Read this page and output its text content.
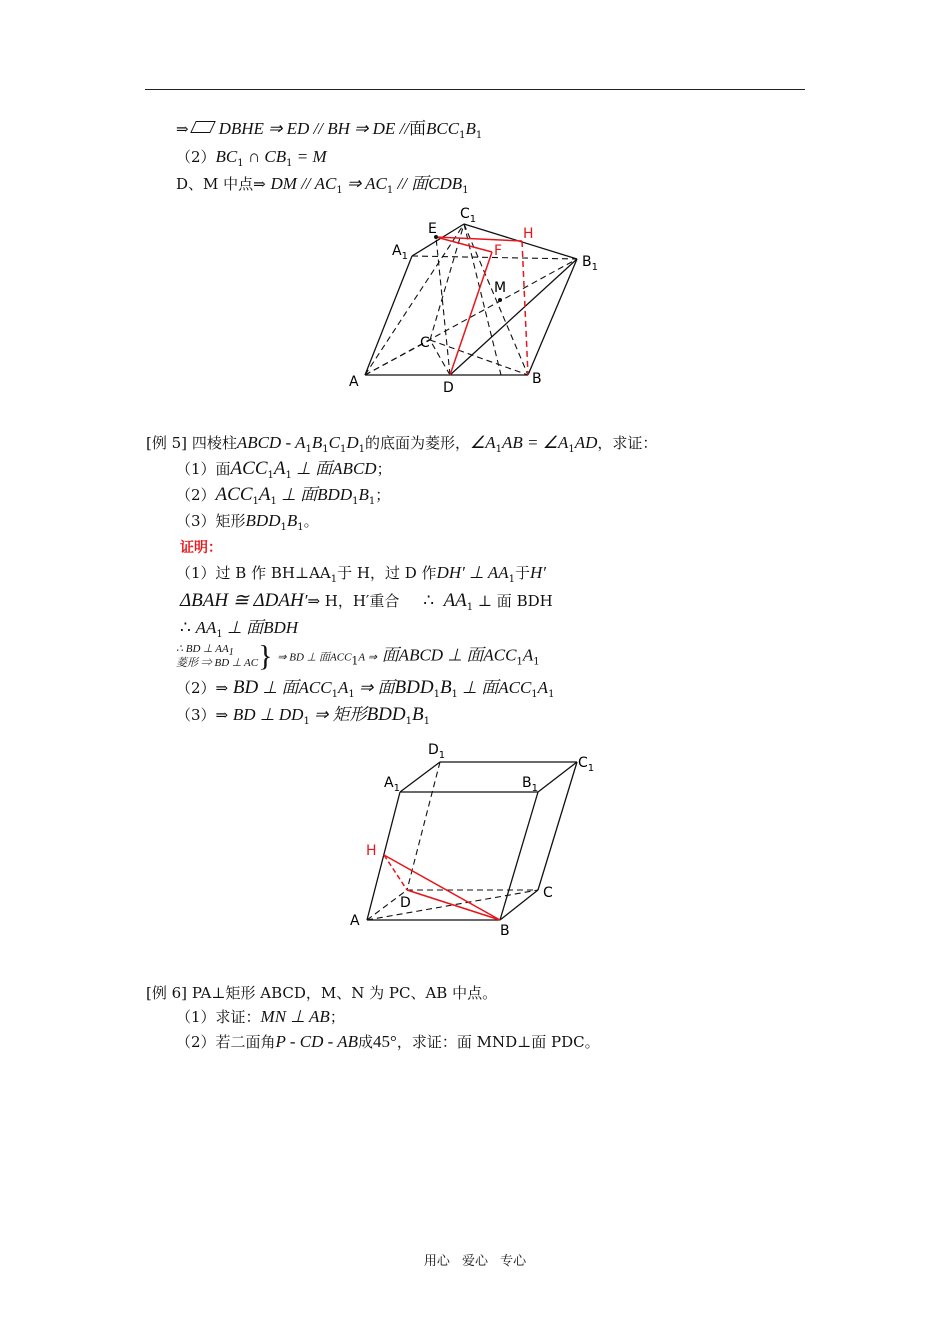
⇒ DBHE ⇒ ED // BH ⇒ DE //面$BCC_1B_1$
$(2)BC_1$ ∩ $CB_1 = M$
D、M 中点⇒ DM // $AC_1$ ⇒ $AC_1$ // 面$CDB_1$
A	B
C
D
E
F
H
M
$A_1$	$B_1$
$C_1$
[例 5] 四棱柱ABCD - $A_1B_1C_1D_1$的底面为菱形，$\angle A_1AB$ = $\angle A_1AD$，求证：
（1）面$ACC_1A_1$ ⊥ 面ABCD；
$(2)ACC_1A_1$ ⊥ 面$BDD_1B_1$；
（3）矩形$BDD_1B_1$。
证明：
（1）过 B 作 $BH\perp AA_1$于 H，过 D 作DH′ ⊥ $AA_1$于H′
ΔBAH ≅ ΔDAH′⇒ H，H′重合 ∴ $AA_1$ ⊥ 面 BDH
∴ $AA_1$ ⊥ 面BDH
∴ BD ⊥ $AA_1$
菱形 ⇒ BD ⊥ AC} ⇒ BD ⊥ 面$ACC_1A$ ⇒ 面ABCD ⊥ 面$ACC_1A_1$
（2）⇒ BD ⊥ 面$ACC_1A_1$ ⇒ 面$BDD_1B_1$ ⊥ 面$ACC_1A_1$
（3）⇒ BD ⊥ $DD_1$ ⇒ 矩形$BDD_1B_1$
A
B
C
D
H
$A_1$	$B_1$
$C_1$
$D_1$
[例 6] PA⊥矩形 ABCD，M、N 为 PC、AB 中点。
（1）求证：MN ⊥ AB；
（2）若二面角P - CD - AB成45°，求证：面 MND⊥面 PDC。
用心 爱心 专心
